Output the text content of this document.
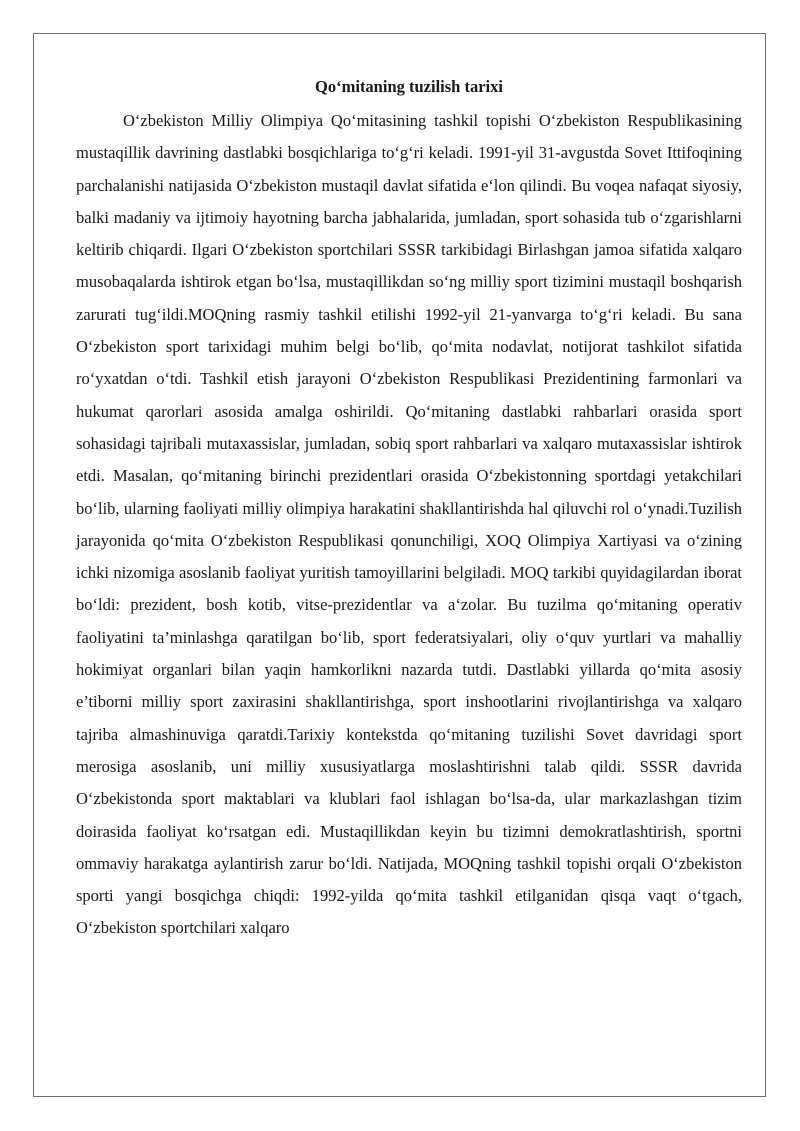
Qo‘mitaning tuzilish tarixi

O‘zbekiston Milliy Olimpiya Qo‘mitasining tashkil topishi O‘zbekiston Respublikasining mustaqillik davrining dastlabki bosqichlariga to‘g‘ri keladi. 1991-yil 31-avgustda Sovet Ittifoqining parchalanishi natijasida O‘zbekiston mustaqil davlat sifatida e‘lon qilindi. Bu voqea nafaqat siyosiy, balki madaniy va ijtimoiy hayotning barcha jabhalarida, jumladan, sport sohasida tub o‘zgarishlarni keltirib chiqardi. Ilgari O‘zbekiston sportchilari SSSR tarkibidagi Birlashgan jamoa sifatida xalqaro musobaqalarda ishtirok etgan bo‘lsa, mustaqillikdan so‘ng milliy sport tizimini mustaqil boshqarish zarurati tug‘ildi.MOQning rasmiy tashkil etilishi 1992-yil 21-yanvarga to‘g‘ri keladi. Bu sana O‘zbekiston sport tarixidagi muhim belgi bo‘lib, qo‘mita nodavlat, notijorat tashkilot sifatida ro‘yxatdan o‘tdi. Tashkil etish jarayoni O‘zbekiston Respublikasi Prezidentining farmonlari va hukumat qarorlari asosida amalga oshirildi. Qo‘mitaning dastlabki rahbarlari orasida sport sohasidagi tajribali mutaxassislar, jumladan, sobiq sport rahbarlari va xalqaro mutaxassislar ishtirok etdi. Masalan, qo‘mitaning birinchi prezidentlari orasida O‘zbekistonning sportdagi yetakchilari bo‘lib, ularning faoliyati milliy olimpiya harakatini shakllantirishda hal qiluvchi rol o‘ynadi.Tuzilish jarayonida qo‘mita O‘zbekiston Respublikasi qonunchiligi, XOQ Olimpiya Xartiyasi va o‘zining ichki nizomiga asoslanib faoliyat yuritish tamoyillarini belgiladi. MOQ tarkibi quyidagilardan iborat bo‘ldi: prezident, bosh kotib, vitse-prezidentlar va a‘zolar. Bu tuzilma qo‘mitaning operativ faoliyatini ta’minlashga qaratilgan bo‘lib, sport federatsiyalari, oliy o‘quv yurtlari va mahalliy hokimiyat organlari bilan yaqin hamkorlikni nazarda tutdi. Dastlabki yillarda qo‘mita asosiy e’tiborni milliy sport zaxirasini shakllantirishga, sport inshootlarini rivojlantirishga va xalqaro tajriba almashinuviga qaratdi.Tarixiy kontekstda qo‘mitaning tuzilishi Sovet davridagi sport merosiga asoslanib, uni milliy xususiyatlarga moslashtirishni talab qildi. SSSR davrida O‘zbekistonda sport maktablari va klublari faol ishlagan bo‘lsa-da, ular markazlashgan tizim doirasida faoliyat ko‘rsatgan edi. Mustaqillikdan keyin bu tizimni demokratlashtirish, sportni ommaviy harakatga aylantirish zarur bo‘ldi. Natijada, MOQning tashkil topishi orqali O‘zbekiston sporti yangi bosqichga chiqdi: 1992-yilda qo‘mita tashkil etilganidan qisqa vaqt o‘tgach, O‘zbekiston sportchilari xalqaro
